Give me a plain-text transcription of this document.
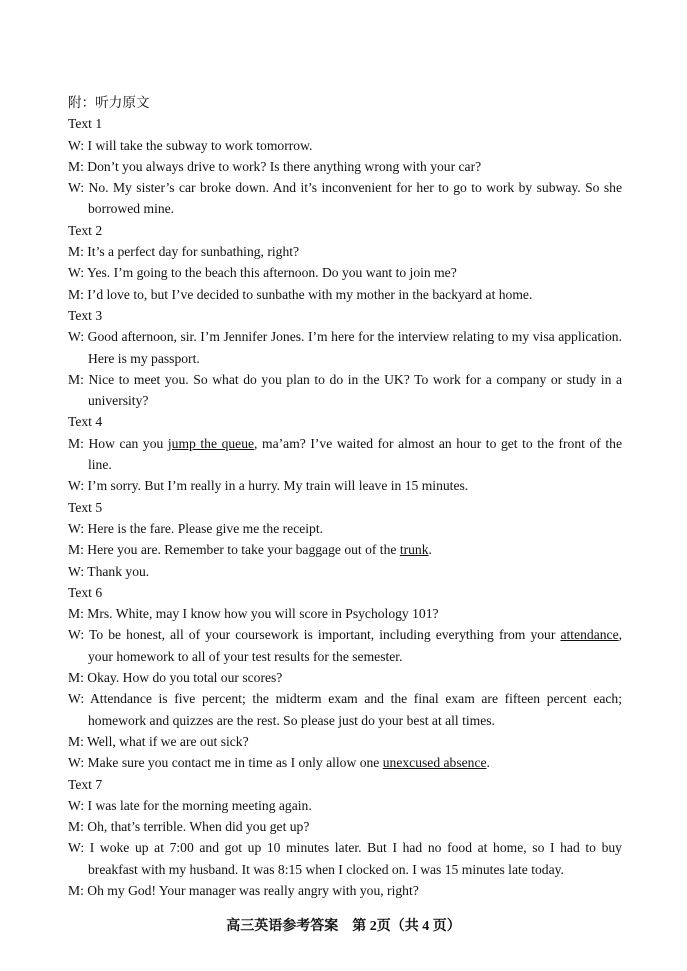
附：听力原文

Text 1

W: I will take the subway to work tomorrow.

M: Don’t you always drive to work? Is there anything wrong with your car?

W: No. My sister’s car broke down. And it’s inconvenient for her to go to work by subway. So she borrowed mine.

Text 2

M: It’s a perfect day for sunbathing, right?

W: Yes. I’m going to the beach this afternoon. Do you want to join me?

M: I’d love to, but I’ve decided to sunbathe with my mother in the backyard at home.

Text 3

W: Good afternoon, sir. I’m Jennifer Jones. I’m here for the interview relating to my visa application. Here is my passport.

M: Nice to meet you. So what do you plan to do in the UK? To work for a company or study in a university?

Text 4

M: How can you jump the queue, ma’am? I’ve waited for almost an hour to get to the front of the line.

W: I’m sorry. But I’m really in a hurry. My train will leave in 15 minutes.

Text 5

W: Here is the fare. Please give me the receipt.

M: Here you are. Remember to take your baggage out of the trunk.

W: Thank you.

Text 6

M: Mrs. White, may I know how you will score in Psychology 101?

W: To be honest, all of your coursework is important, including everything from your attendance, your homework to all of your test results for the semester.

M: Okay. How do you total our scores?

W: Attendance is five percent; the midterm exam and the final exam are fifteen percent each; homework and quizzes are the rest. So please just do your best at all times.

M: Well, what if we are out sick?

W: Make sure you contact me in time as I only allow one unexcused absence.

Text 7

W: I was late for the morning meeting again.

M: Oh, that’s terrible. When did you get up?

W: I woke up at 7:00 and got up 10 minutes later. But I had no food at home, so I had to buy breakfast with my husband. It was 8:15 when I clocked on. I was 15 minutes late today.

M: Oh my God! Your manager was really angry with you, right?

高三英语参考答案　第 2页（共 4 页）
